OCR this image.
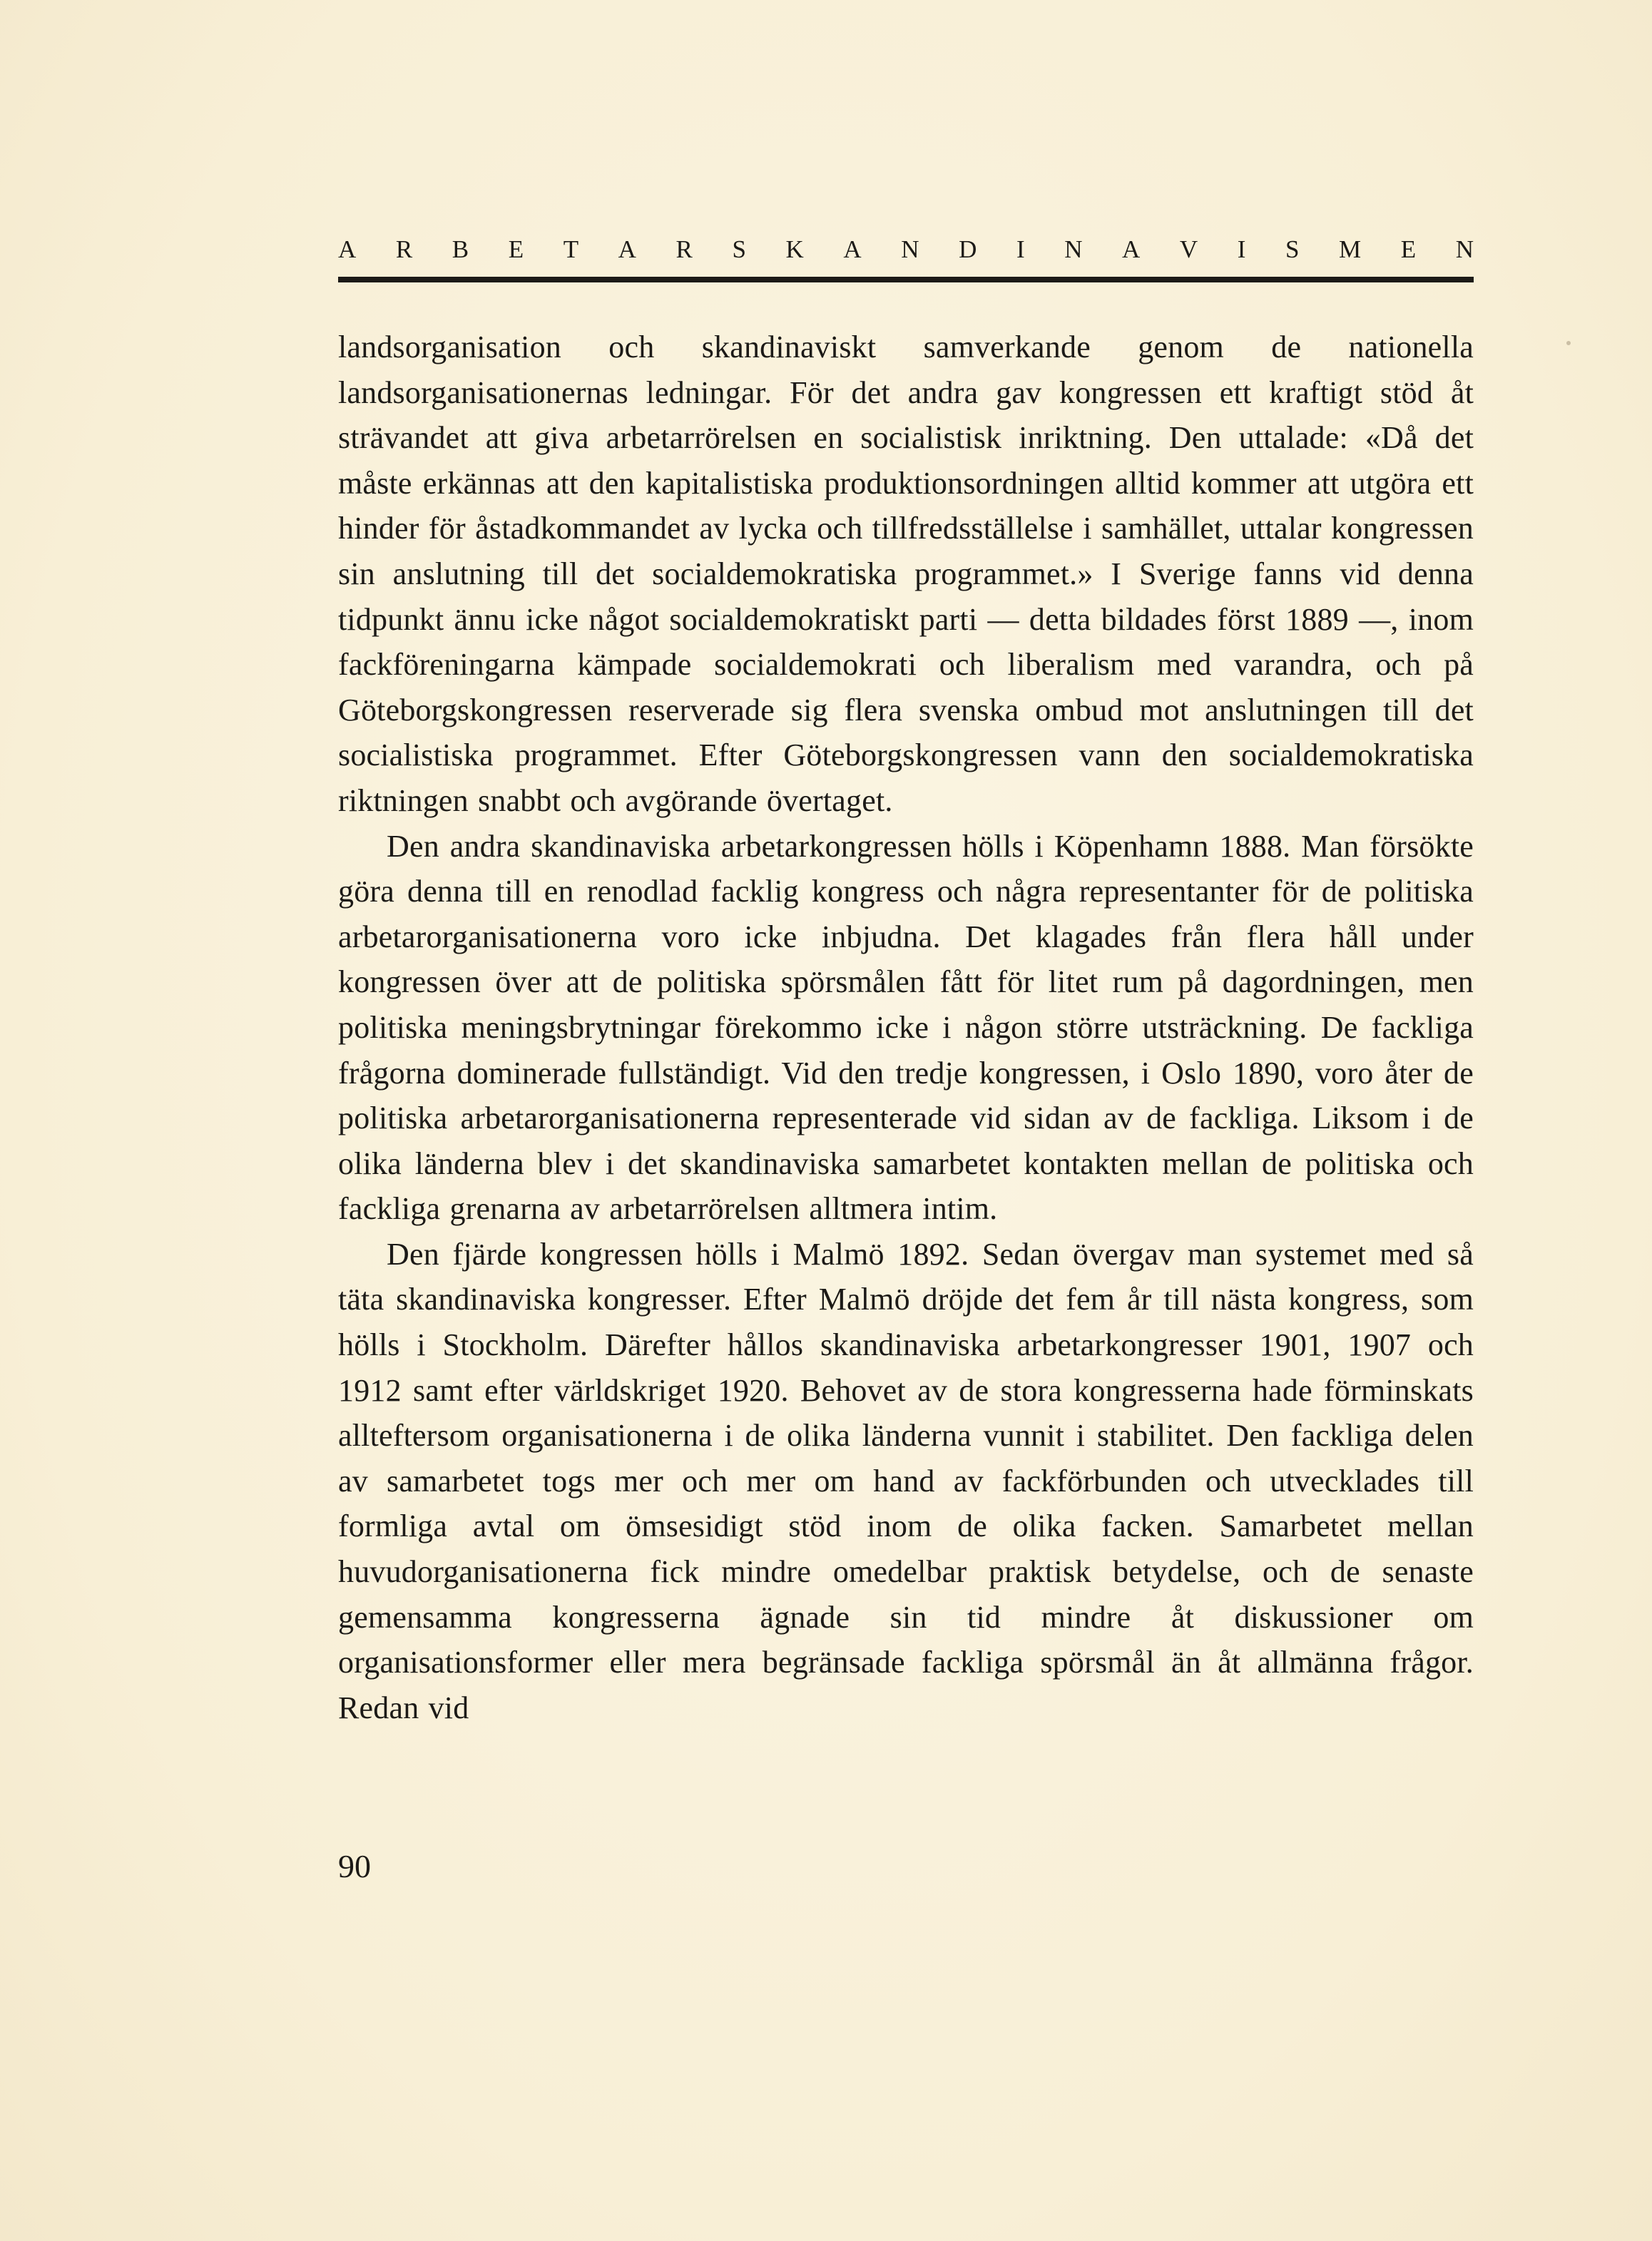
A R B E T A R S K A N D I N A V I S M E N

landsorganisation och skandinaviskt samverkande genom de nationella landsorganisationernas ledningar. För det andra gav kongressen ett kraftigt stöd åt strävandet att giva arbetarrörelsen en socialistisk inriktning. Den uttalade: «Då det måste erkännas att den kapitalistiska produktionsordningen alltid kommer att utgöra ett hinder för åstadkommandet av lycka och tillfredsställelse i samhället, uttalar kongressen sin anslutning till det socialdemokratiska programmet.» I Sverige fanns vid denna tidpunkt ännu icke något socialdemokratiskt parti — detta bildades först 1889 —, inom fackföreningarna kämpade socialdemokrati och liberalism med varandra, och på Göteborgskongressen reserverade sig flera svenska ombud mot anslutningen till det socialistiska programmet. Efter Göteborgskongressen vann den socialdemokratiska riktningen snabbt och avgörande övertaget.

Den andra skandinaviska arbetarkongressen hölls i Köpenhamn 1888. Man försökte göra denna till en renodlad facklig kongress och några representanter för de politiska arbetarorganisationerna voro icke inbjudna. Det klagades från flera håll under kongressen över att de politiska spörsmålen fått för litet rum på dagordningen, men politiska meningsbrytningar förekommo icke i någon större utsträckning. De fackliga frågorna dominerade fullständigt. Vid den tredje kongressen, i Oslo 1890, voro åter de politiska arbetarorganisationerna representerade vid sidan av de fackliga. Liksom i de olika länderna blev i det skandinaviska samarbetet kontakten mellan de politiska och fackliga grenarna av arbetarrörelsen alltmera intim.

Den fjärde kongressen hölls i Malmö 1892. Sedan övergav man systemet med så täta skandinaviska kongresser. Efter Malmö dröjde det fem år till nästa kongress, som hölls i Stockholm. Därefter hållos skandinaviska arbetarkongresser 1901, 1907 och 1912 samt efter världskriget 1920. Behovet av de stora kongresserna hade förminskats allteftersom organisationerna i de olika länderna vunnit i stabilitet. Den fackliga delen av samarbetet togs mer och mer om hand av fackförbunden och utvecklades till formliga avtal om ömsesidigt stöd inom de olika facken. Samarbetet mellan huvudorganisationerna fick mindre omedelbar praktisk betydelse, och de senaste gemensamma kongresserna ägnade sin tid mindre åt diskussioner om organisationsformer eller mera begränsade fackliga spörsmål än åt allmänna frågor. Redan vid

90
